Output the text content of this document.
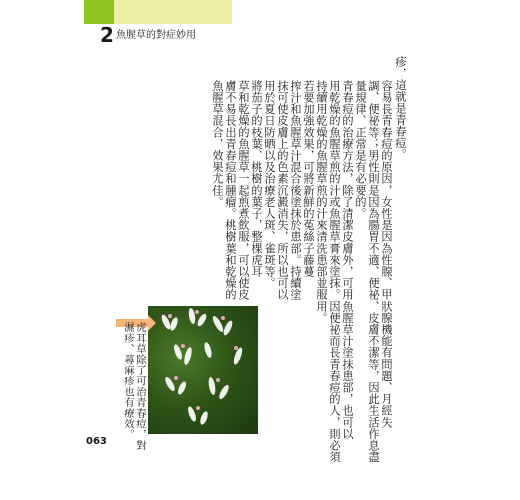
2 魚腥草的對症妙用

疹，這就是青春痘。

容易長青春痘的原因，女性是因為性腺、甲狀腺機能有問題、月經失

調、便祕等；男性則是因為腸胃不適、便祕、皮膚不潔等，因此生活作息盡

量規律、正常是有必要的。

青春痘的治療方法，除了清潔皮膚外，可用魚腥草汁塗抹患部，也可以

用乾燥的魚腥草煎的汁或魚腥草膏來塗抹。因便祕而長青春痘的人，則必須

持續用乾燥的魚腥草煎的汁來清洗患部並服用。

若要加強效果，可將新鮮的菟絲子藤蔓

搾汁和魚腥草汁混合後塗抹於患部。持續塗

抹可使皮膚上的色素沉澱消失，所以也可以

用於夏日防晒以及治療老人斑、雀斑等。

將茄子的枝葉、桃樹的葉子，整棵虎耳

草和乾燥的魚腥草一起煎煮飲服，可以使皮

膚不易長出青春痘和腫瘤。桃樹葉和乾燥的

魚腥草混合，效果尤佳。

虎耳草除了可治青春痘，對

濕疹、蕁麻疹也有療效。

063
